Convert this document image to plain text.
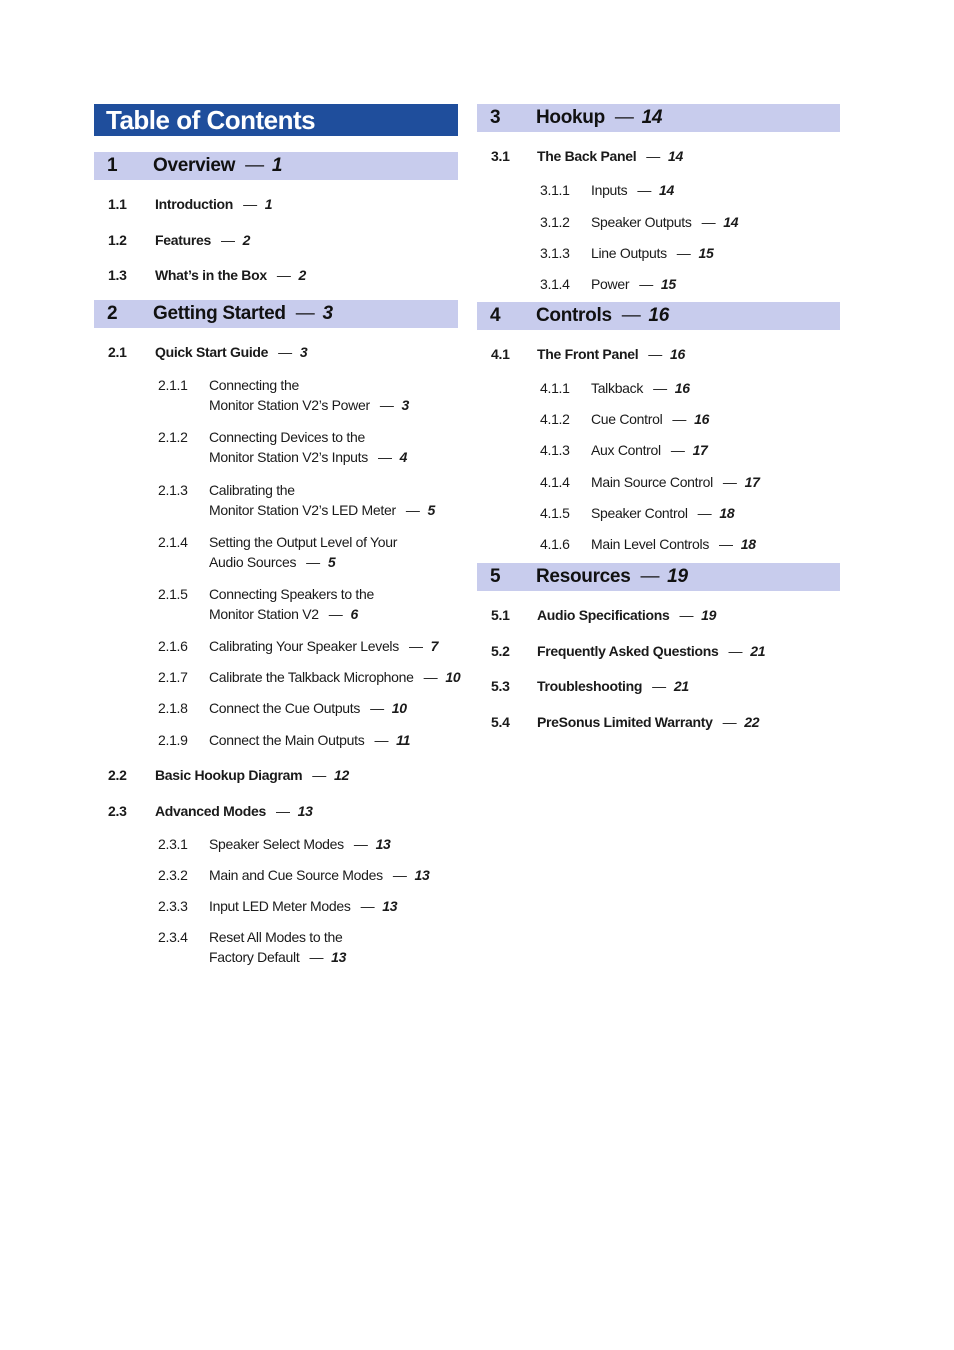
Table of Contents
1 Overview — 1
1.1 Introduction — 1
1.2 Features — 2
1.3 What’s in the Box — 2
2 Getting Started — 3
2.1 Quick Start Guide — 3
2.1.1 Connecting the
Monitor Station V2’s Power — 3
2.1.2 Connecting Devices to the
Monitor Station V2’s Inputs — 4
2.1.3 Calibrating the
Monitor Station V2’s LED Meter — 5
2.1.4 Setting the Output Level of Your
Audio Sources — 5
2.1.5 Connecting Speakers to the
Monitor Station V2 — 6
2.1.6 Calibrating Your Speaker Levels — 7
2.1.7 Calibrate the Talkback Microphone — 10
2.1.8 Connect the Cue Outputs — 10
2.1.9 Connect the Main Outputs — 11
2.2 Basic Hookup Diagram — 12
2.3 Advanced Modes — 13
2.3.1 Speaker Select Modes — 13
2.3.2 Main and Cue Source Modes — 13
2.3.3 Input LED Meter Modes — 13
2.3.4 Reset All Modes to the
Factory Default — 13
3 Hookup — 14
3.1 The Back Panel — 14
3.1.1 Inputs — 14
3.1.2 Speaker Outputs — 14
3.1.3 Line Outputs — 15
3.1.4 Power — 15
4 Controls — 16
4.1 The Front Panel — 16
4.1.1 Talkback — 16
4.1.2 Cue Control — 16
4.1.3 Aux Control — 17
4.1.4 Main Source Control — 17
4.1.5 Speaker Control — 18
4.1.6 Main Level Controls — 18
5 Resources — 19
5.1 Audio Specifications — 19
5.2 Frequently Asked Questions — 21
5.3 Troubleshooting — 21
5.4 PreSonus Limited Warranty — 22
